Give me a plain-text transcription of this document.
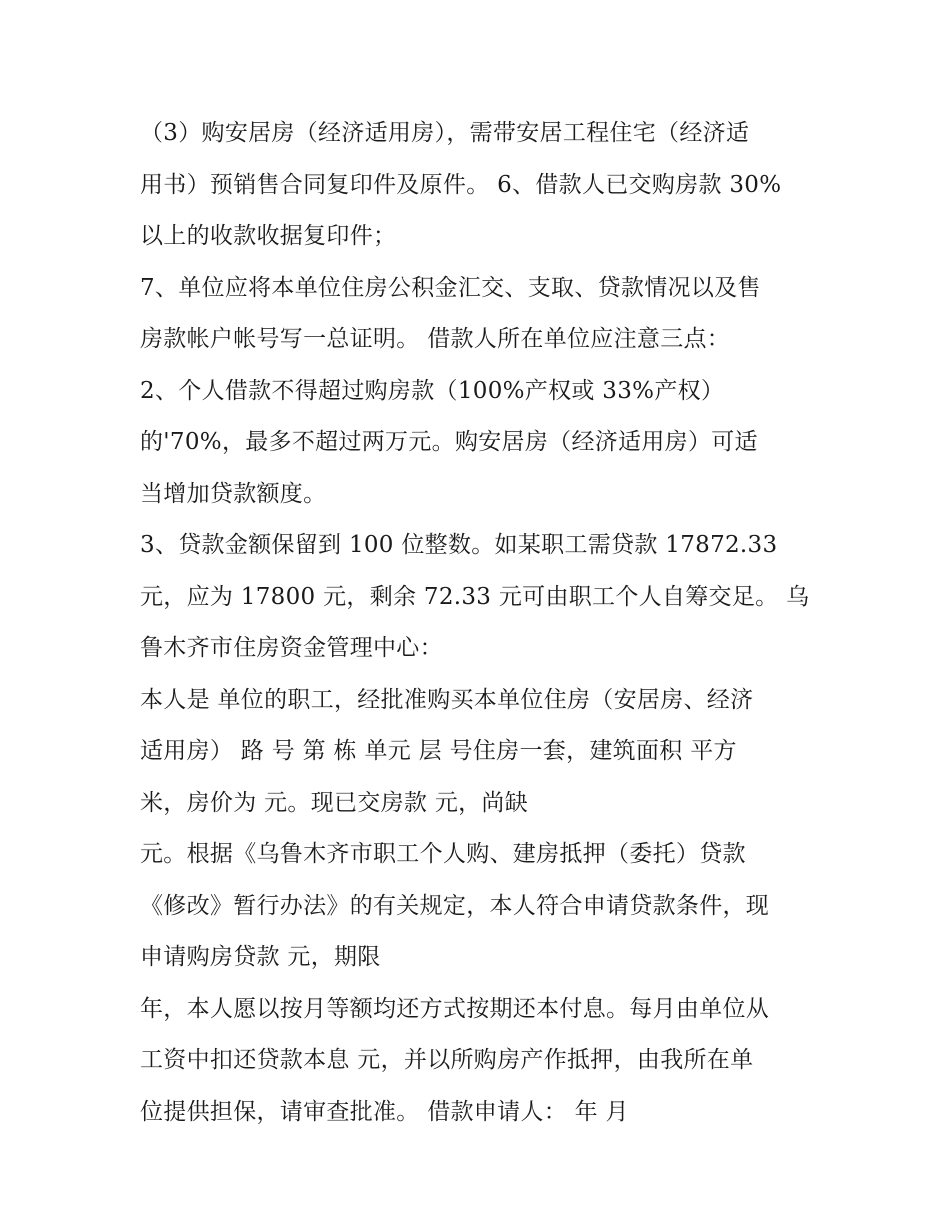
（3）购安居房（经济适用房），需带安居工程住宅（经济适
用书）预销售合同复印件及原件。 6、借款人已交购房款 30%
以上的收款收据复印件；
7、单位应将本单位住房公积金汇交、支取、贷款情况以及售
房款帐户帐号写一总证明。 借款人所在单位应注意三点：
2、个人借款不得超过购房款（100%产权或 33%产权）
的'70%，最多不超过两万元。购安居房（经济适用房）可适
当增加贷款额度。
3、贷款金额保留到 100 位整数。如某职工需贷款 17872.33
元，应为 17800 元，剩余 72.33 元可由职工个人自筹交足。 乌
鲁木齐市住房资金管理中心：
本人是 单位的职工，经批准购买本单位住房（安居房、经济
适用房） 路 号 第 栋 单元 层 号住房一套，建筑面积 平方
米，房价为 元。现已交房款 元，尚缺
元。根据《乌鲁木齐市职工个人购、建房抵押（委托）贷款
《修改》暂行办法》的有关规定，本人符合申请贷款条件，现
申请购房贷款 元，期限
年，本人愿以按月等额均还方式按期还本付息。每月由单位从
工资中扣还贷款本息 元，并以所购房产作抵押，由我所在单
位提供担保，请审查批准。 借款申请人： 年 月
